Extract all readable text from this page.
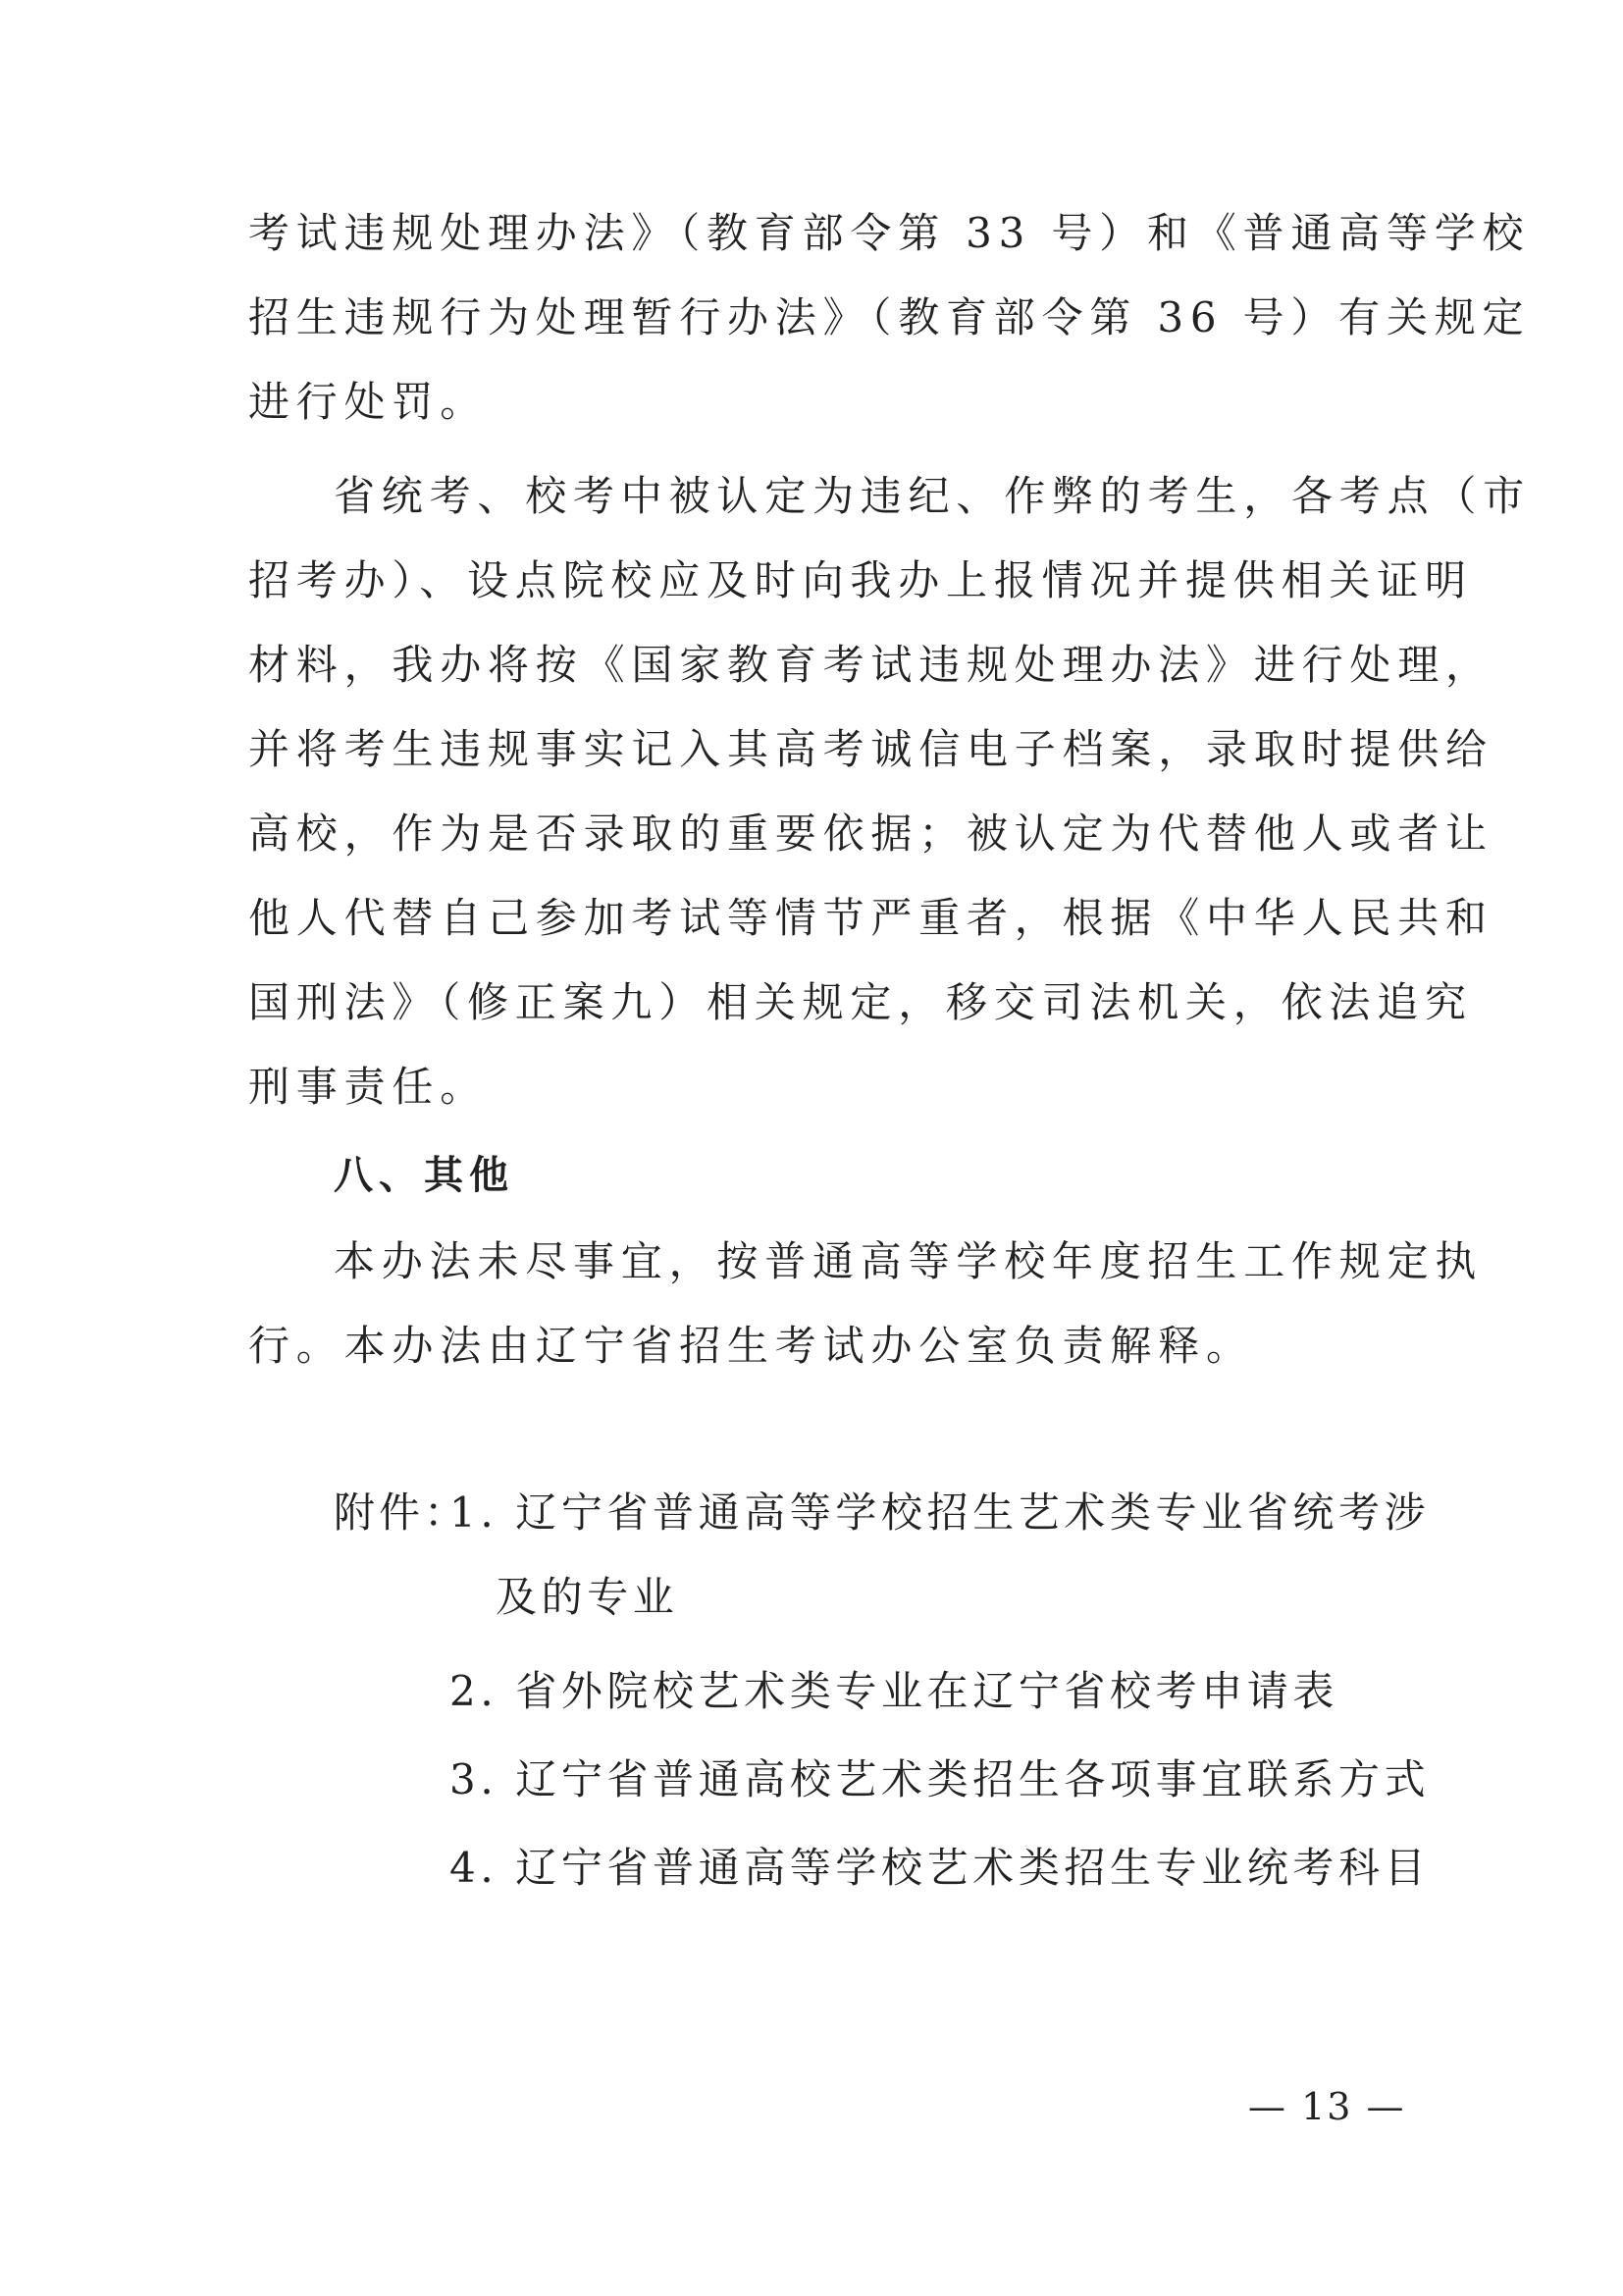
考试违规处理办法》（教育部令第 33 号）和《普通高等学校
招生违规行为处理暂行办法》（教育部令第 36 号）有关规定
进行处罚。
省统考、校考中被认定为违纪、作弊的考生，各考点（市
招考办）、设点院校应及时向我办上报情况并提供相关证明
材料，我办将按《国家教育考试违规处理办法》进行处理，
并将考生违规事实记入其高考诚信电子档案，录取时提供给
高校，作为是否录取的重要依据；被认定为代替他人或者让
他人代替自己参加考试等情节严重者，根据《中华人民共和
国刑法》（修正案九）相关规定，移交司法机关，依法追究
刑事责任。
八、其他
本办法未尽事宜，按普通高等学校年度招生工作规定执
行。本办法由辽宁省招生考试办公室负责解释。
附件：
1. 辽宁省普通高等学校招生艺术类专业省统考涉
及的专业
2. 省外院校艺术类专业在辽宁省校考申请表
3. 辽宁省普通高校艺术类招生各项事宜联系方式
4. 辽宁省普通高等学校艺术类招生专业统考科目
— 13 —
